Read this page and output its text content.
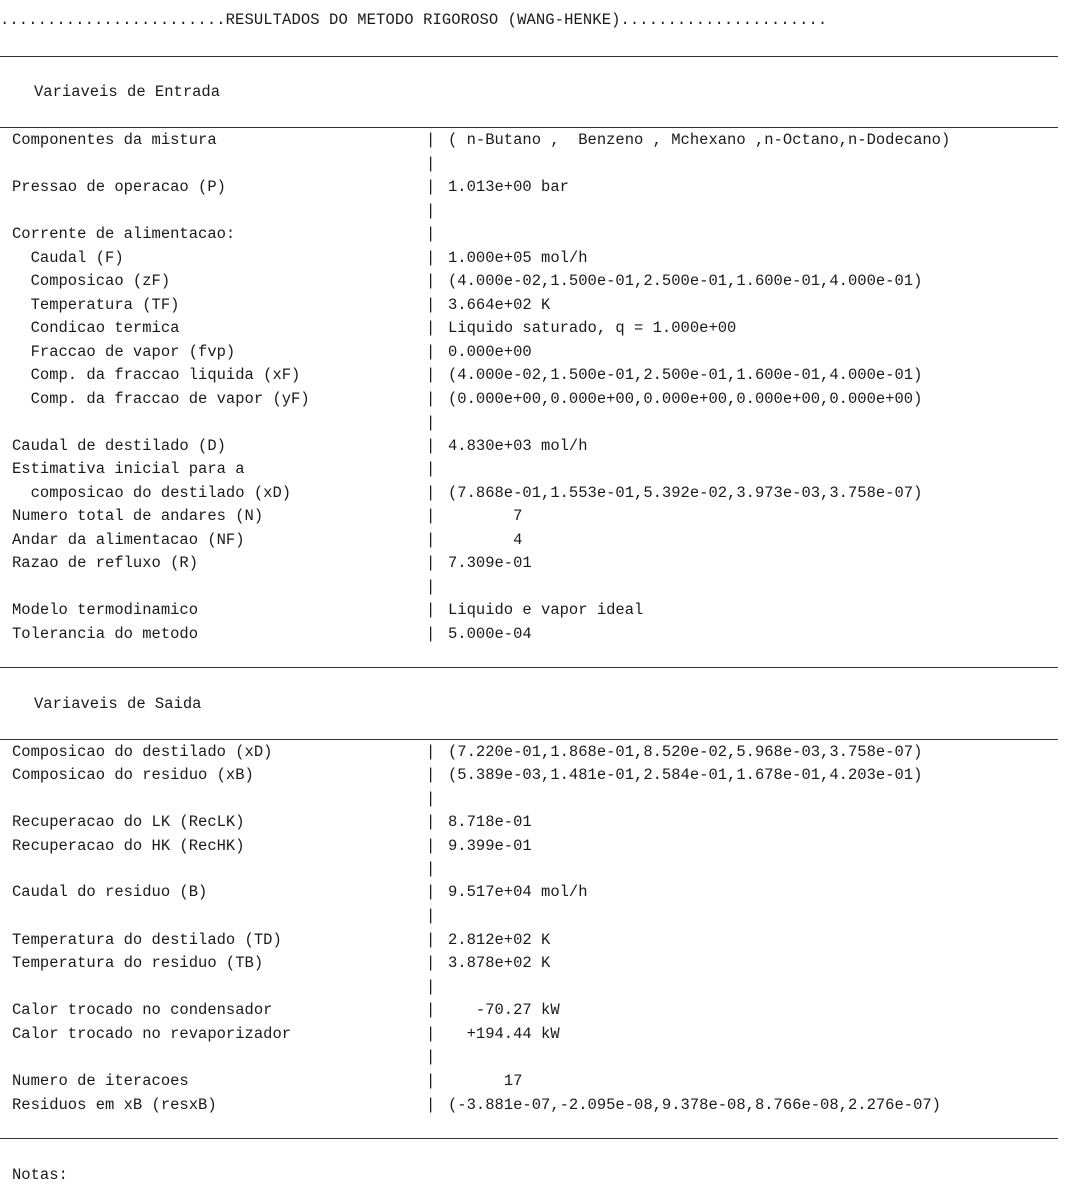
........................RESULTADOS DO METODO RIGOROSO (WANG-HENKE)......................
Variaveis de Entrada
Componentes da mistura	| ( n-Butano ,  Benzeno , Mchexano ,n-Octano,n-Dodecano)
|
Pressao de operacao (P)	| 1.013e+00 bar
|
Corrente de alimentacao:	|
Caudal (F)	| 1.000e+05 mol/h
Composicao (zF)	| (4.000e-02,1.500e-01,2.500e-01,1.600e-01,4.000e-01)
Temperatura (TF)	| 3.664e+02 K
Condicao termica	| Liquido saturado, q = 1.000e+00
Fraccao de vapor (fvp)	| 0.000e+00
Comp. da fraccao liquida (xF)	| (4.000e-02,1.500e-01,2.500e-01,1.600e-01,4.000e-01)
Comp. da fraccao de vapor (yF)	| (0.000e+00,0.000e+00,0.000e+00,0.000e+00,0.000e+00)
|
Caudal de destilado (D)	| 4.830e+03 mol/h
Estimativa inicial para a	|
composicao do destilado (xD)	| (7.868e-01,1.553e-01,5.392e-02,3.973e-03,3.758e-07)
Numero total de andares (N)	| 7
Andar da alimentacao (NF)	| 4
Razao de refluxo (R)	| 7.309e-01
|
Modelo termodinamico	| Liquido e vapor ideal
Tolerancia do metodo	| 5.000e-04
Variaveis de Saida
Composicao do destilado (xD)	| (7.220e-01,1.868e-01,8.520e-02,5.968e-03,3.758e-07)
Composicao do residuo (xB)	| (5.389e-03,1.481e-01,2.584e-01,1.678e-01,4.203e-01)
|
Recuperacao do LK (RecLK)	| 8.718e-01
Recuperacao do HK (RecHK)	| 9.399e-01
|
Caudal do residuo (B)	| 9.517e+04 mol/h
|
Temperatura do destilado (TD)	| 2.812e+02 K
Temperatura do residuo (TB)	| 3.878e+02 K
|
Calor trocado no condensador	| -70.27 kW
Calor trocado no revaporizador	| +194.44 kW
|
Numero de iteracoes	| 17
Residuos em xB (resxB)	| (-3.881e-07,-2.095e-08,9.378e-08,8.766e-08,2.276e-07)
Notas:
